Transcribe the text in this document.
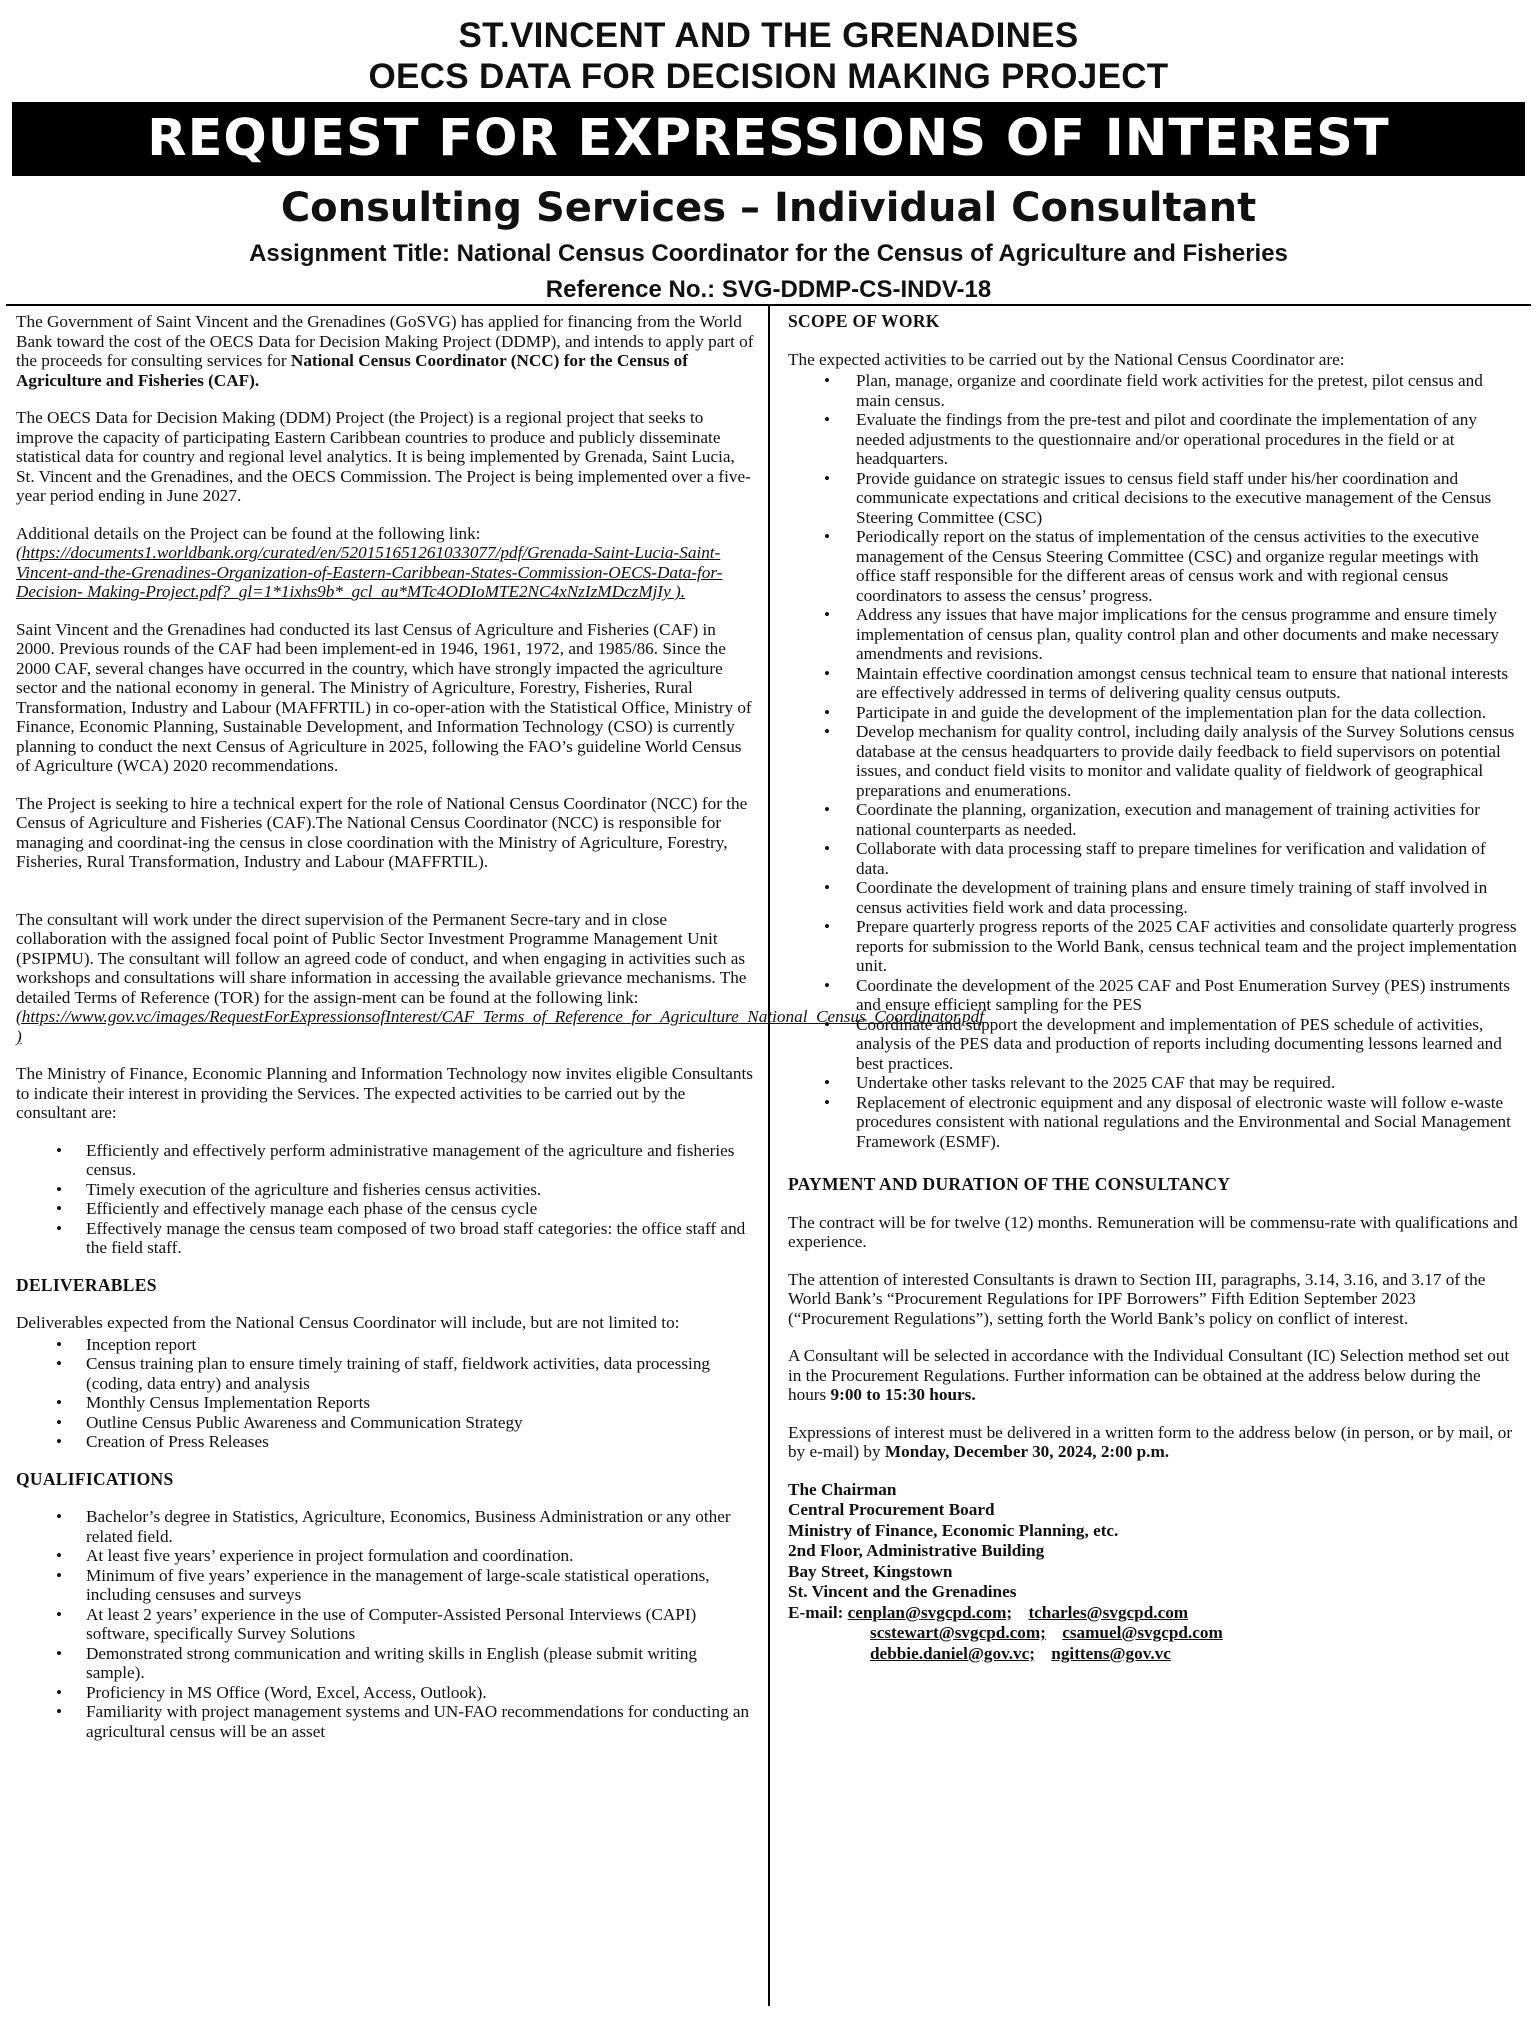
ST.VINCENT AND THE GRENADINES
OECS DATA FOR DECISION MAKING PROJECT
REQUEST FOR EXPRESSIONS OF INTEREST
Consulting Services – Individual Consultant
Assignment Title: National Census Coordinator for the Census of Agriculture and Fisheries
Reference No.: SVG-DDMP-CS-INDV-18

The Government of Saint Vincent and the Grenadines (GoSVG) has applied for financing from the World Bank toward the cost of the OECS Data for Decision Making Project (DDMP), and intends to apply part of the proceeds for consulting services for National Census Coordinator (NCC) for the Census of Agriculture and Fisheries (CAF).

The OECS Data for Decision Making (DDM) Project (the Project) is a regional project that seeks to improve the capacity of participating Eastern Caribbean countries to produce and publicly disseminate statistical data for country and regional level analytics. It is being implemented by Grenada, Saint Lucia, St. Vincent and the Grenadines, and the OECS Commission. The Project is being implemented over a five-year period ending in June 2027.

Additional details on the Project can be found at the following link:
(https://documents1.worldbank.org/curated/en/520151651261033077/pdf/Grenada-Saint-Lucia-Saint-Vincent-and-the-Grenadines-Organization-of-Eastern-Caribbean-States-Commission-OECS-Data-for-Decision- Making-Project.pdf?_gl=1*1ixhs9b*_gcl_au*MTc4ODIoMTE2NC4xNzIzMDczMjIy ).

Saint Vincent and the Grenadines had conducted its last Census of Agriculture and Fisheries (CAF) in 2000. Previous rounds of the CAF had been implement-ed in 1946, 1961, 1972, and 1985/86. Since the 2000 CAF, several changes have occurred in the country, which have strongly impacted the agriculture sector and the national economy in general. The Ministry of Agriculture, Forestry, Fisheries, Rural Transformation, Industry and Labour (MAFFRTIL) in co-oper-ation with the Statistical Office, Ministry of Finance, Economic Planning, Sustainable Development, and Information Technology (CSO) is currently planning to conduct the next Census of Agriculture in 2025, following the FAO’s guideline World Census of Agriculture (WCA) 2020 recommendations.

The Project is seeking to hire a technical expert for the role of National Census Coordinator (NCC) for the Census of Agriculture and Fisheries (CAF).The National Census Coordinator (NCC) is responsible for managing and coordinat-ing the census in close coordination with the Ministry of Agriculture, Forestry, Fisheries, Rural Transformation, Industry and Labour (MAFFRTIL).

The consultant will work under the direct supervision of the Permanent Secre-tary and in close collaboration with the assigned focal point of Public Sector Investment Programme Management Unit (PSIPMU). The consultant will follow an agreed code of conduct, and when engaging in activities such as workshops and consultations will share information in accessing the available grievance mechanisms. The detailed Terms of Reference (TOR) for the assign-ment can be found at the following link: (https://www.gov.vc/images/RequestForExpressionsofInterest/CAF_Terms_of_Reference_for_Agriculture_National_Census_Coordinator.pdf )

The Ministry of Finance, Economic Planning and Information Technology now invites eligible Consultants to indicate their interest in providing the Services. The expected activities to be carried out by the consultant are:

• Efficiently and effectively perform administrative management of the agriculture and fisheries census.
• Timely execution of the agriculture and fisheries census activities.
• Efficiently and effectively manage each phase of the census cycle
• Effectively manage the census team composed of two broad staff categories: the office staff and the field staff.
DELIVERABLES

Deliverables expected from the National Census Coordinator will include, but are not limited to:

• Inception report
• Census training plan to ensure timely training of staff, fieldwork activities, data processing (coding, data entry) and analysis
• Monthly Census Implementation Reports
• Outline Census Public Awareness and Communication Strategy
• Creation of Press Releases
QUALIFICATIONS
• Bachelor’s degree in Statistics, Agriculture, Economics, Business Administration or any other related field.
• At least five years’ experience in project formulation and coordination.
• Minimum of five years’ experience in the management of large-scale statistical operations, including censuses and surveys
• At least 2 years’ experience in the use of Computer-Assisted Personal Interviews (CAPI) software, specifically Survey Solutions
• Demonstrated strong communication and writing skills in English (please submit writing sample).
• Proficiency in MS Office (Word, Excel, Access, Outlook).
• Familiarity with project management systems and UN-FAO recommendations for conducting an agricultural census will be an asset
SCOPE OF WORK

The expected activities to be carried out by the National Census Coordinator are:

• Plan, manage, organize and coordinate field work activities for the pretest, pilot census and main census.
• Evaluate the findings from the pre-test and pilot and coordinate the implementation of any needed adjustments to the questionnaire and/or operational procedures in the field or at headquarters.
• Provide guidance on strategic issues to census field staff under his/her coordination and communicate expectations and critical decisions to the executive management of the Census Steering Committee (CSC)
• Periodically report on the status of implementation of the census activities to the executive management of the Census Steering Committee (CSC) and organize regular meetings with office staff responsible for the different areas of census work and with regional census coordinators to assess the census’ progress.
• Address any issues that have major implications for the census programme and ensure timely implementation of census plan, quality control plan and other documents and make necessary amendments and revisions.
• Maintain effective coordination amongst census technical team to ensure that national interests are effectively addressed in terms of delivering quality census outputs.
• Participate in and guide the development of the implementation plan for the data collection.
• Develop mechanism for quality control, including daily analysis of the Survey Solutions census database at the census headquarters to provide daily feedback to field supervisors on potential issues, and conduct field visits to monitor and validate quality of fieldwork of geographical preparations and enumerations.
• Coordinate the planning, organization, execution and management of training activities for national counterparts as needed.
• Collaborate with data processing staff to prepare timelines for verification and validation of data.
• Coordinate the development of training plans and ensure timely training of staff involved in census activities field work and data processing.
• Prepare quarterly progress reports of the 2025 CAF activities and consolidate quarterly progress reports for submission to the World Bank, census technical team and the project implementation unit.
• Coordinate the development of the 2025 CAF and Post Enumeration Survey (PES) instruments and ensure efficient sampling for the PES
• Coordinate and support the development and implementation of PES schedule of activities, analysis of the PES data and production of reports including documenting lessons learned and best practices.
• Undertake other tasks relevant to the 2025 CAF that may be required.
• Replacement of electronic equipment and any disposal of electronic waste will follow e-waste procedures consistent with national regulations and the Environmental and Social Management Framework (ESMF).
PAYMENT AND DURATION OF THE CONSULTANCY

The contract will be for twelve (12) months. Remuneration will be commensu-rate with qualifications and experience.

The attention of interested Consultants is drawn to Section III, paragraphs, 3.14, 3.16, and 3.17 of the World Bank’s “Procurement Regulations for IPF Borrowers” Fifth Edition September 2023 (“Procurement Regulations”), setting forth the World Bank’s policy on conflict of interest.

A Consultant will be selected in accordance with the Individual Consultant (IC) Selection method set out in the Procurement Regulations. Further information can be obtained at the address below during the hours 9:00 to 15:30 hours.

Expressions of interest must be delivered in a written form to the address below (in person, or by mail, or by e-mail) by Monday, December 30, 2024, 2:00 p.m.

The Chairman
Central Procurement Board
Ministry of Finance, Economic Planning, etc.
2nd Floor, Administrative Building
Bay Street, Kingstown
St. Vincent and the Grenadines
E-mail: cenplan@svgcpd.com; tcharles@svgcpd.com
scstewart@svgcpd.com; csamuel@svgcpd.com
debbie.daniel@gov.vc; ngittens@gov.vc
